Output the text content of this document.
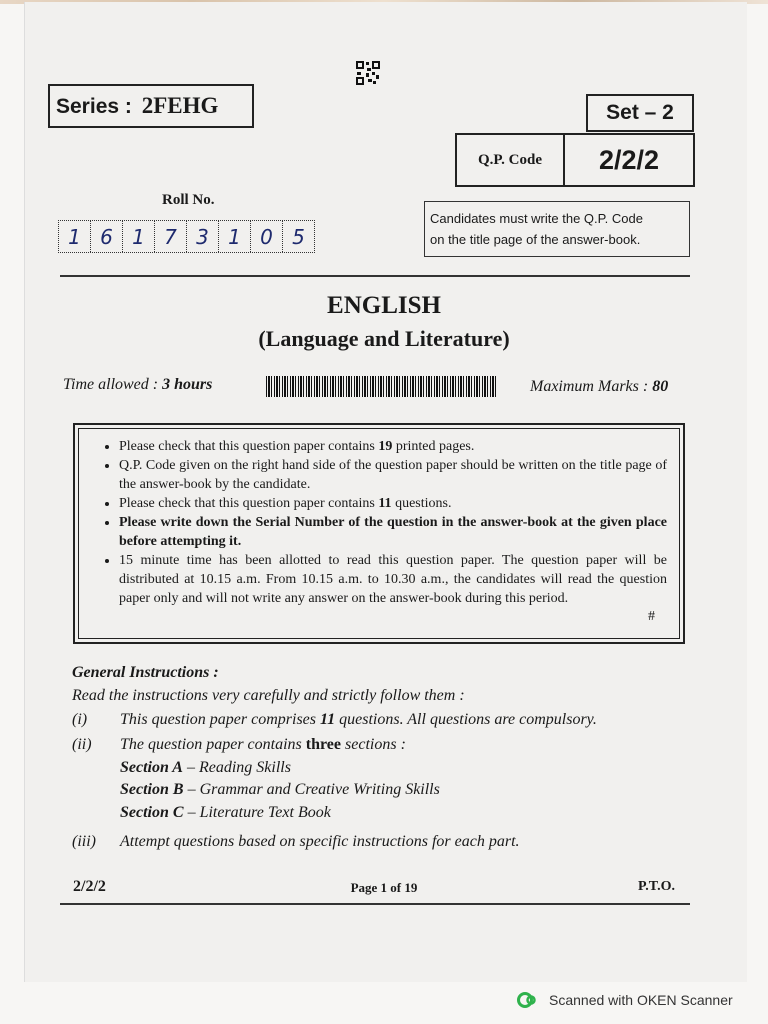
Series : 2FEHG	Set – 2
Q.P. Code	2/2/2
Roll No.
1 6 1 7 3 1 0 5
Candidates must write the Q.P. Code
on the title page of the answer-book.
ENGLISH
(Language and Literature)
Time allowed : 3 hours	Maximum Marks : 80
• Please check that this question paper contains 19 printed pages.
• Q.P. Code given on the right hand side of the question paper should be written on the title page of the answer-book by the candidate.
• Please check that this question paper contains 11 questions.
• Please write down the Serial Number of the question in the answer-book at the given place before attempting it.
• 15 minute time has been allotted to read this question paper. The question paper will be distributed at 10.15 a.m. From 10.15 a.m. to 10.30 a.m., the candidates will read the question paper only and will not write any answer on the answer-book during this period.
#
General Instructions :
Read the instructions very carefully and strictly follow them :
(i) This question paper comprises 11 questions. All questions are compulsory.
(ii) The question paper contains three sections :
Section A – Reading Skills
Section B – Grammar and Creative Writing Skills
Section C – Literature Text Book
(iii) Attempt questions based on specific instructions for each part.
2/2/2	Page 1 of 19	P.T.O.
Scanned with OKEN Scanner
